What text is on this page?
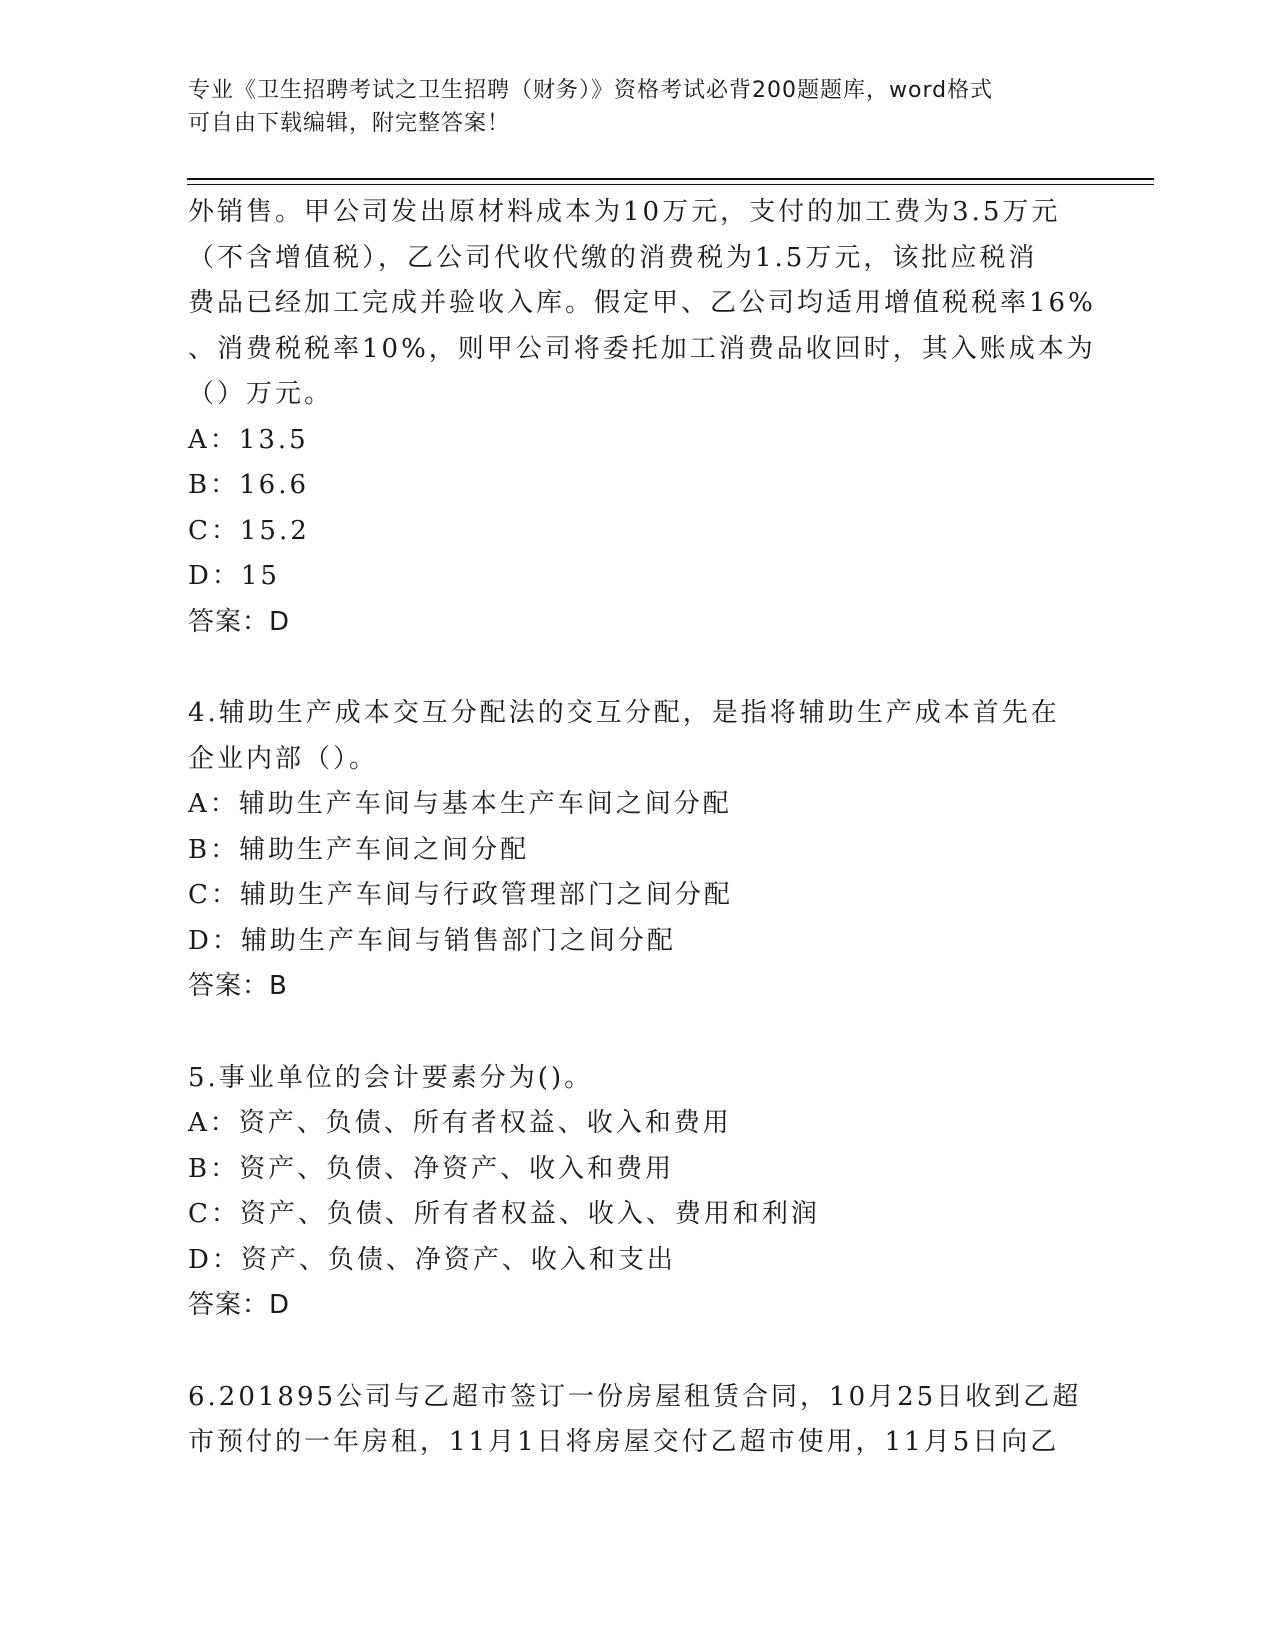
专业《卫生招聘考试之卫生招聘（财务）》资格考试必背200题题库，word格式
可自由下载编辑，附完整答案！
外销售。甲公司发出原材料成本为10万元，支付的加工费为3.5万元
（不含增值税），乙公司代收代缴的消费税为1.5万元，该批应税消
费品已经加工完成并验收入库。假定甲、乙公司均适用增值税税率16%
、消费税税率10%，则甲公司将委托加工消费品收回时，其入账成本为
（）万元。
A：13.5
B：16.6
C：15.2
D：15
答案：D
4.辅助生产成本交互分配法的交互分配，是指将辅助生产成本首先在
企业内部（）。
A：辅助生产车间与基本生产车间之间分配
B：辅助生产车间之间分配
C：辅助生产车间与行政管理部门之间分配
D：辅助生产车间与销售部门之间分配
答案：B
5.事业单位的会计要素分为()。
A：资产、负债、所有者权益、收入和费用
B：资产、负债、净资产、收入和费用
C：资产、负债、所有者权益、收入、费用和利润
D：资产、负债、净资产、收入和支出
答案：D
6.201895公司与乙超市签订一份房屋租赁合同，10月25日收到乙超
市预付的一年房租，11月1日将房屋交付乙超市使用，11月5日向乙
